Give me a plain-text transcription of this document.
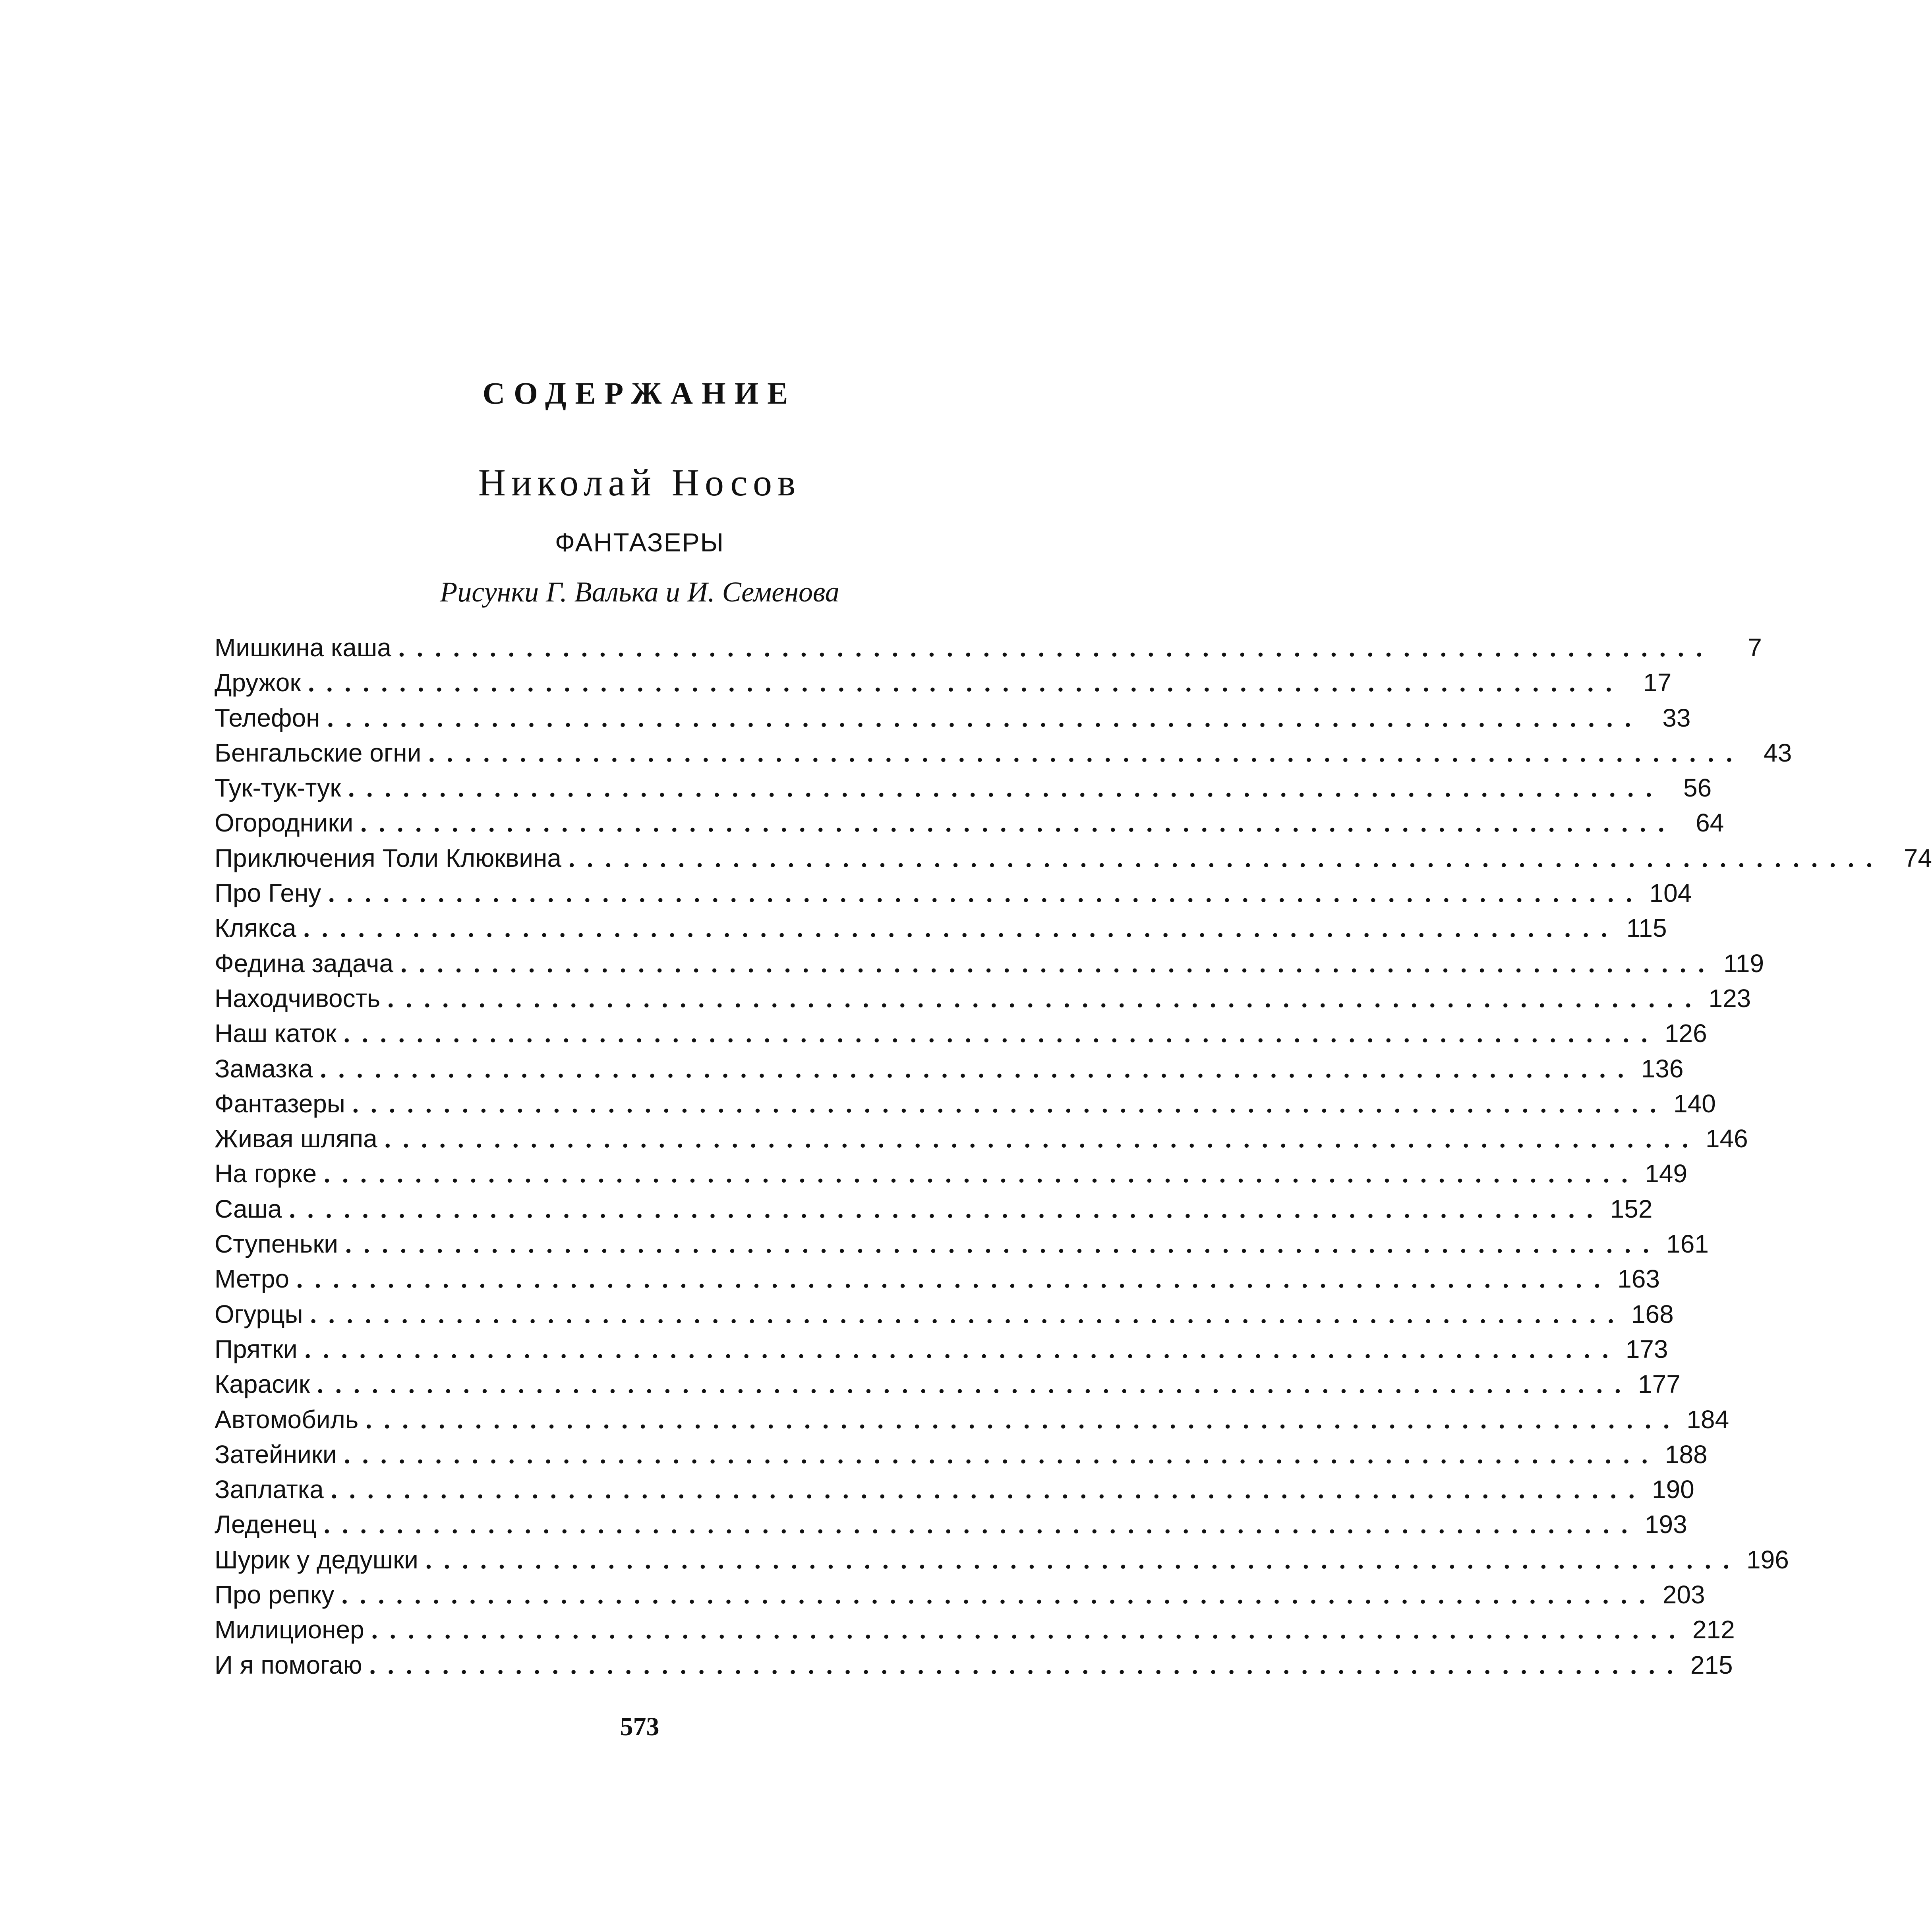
СОДЕРЖАНИЕ
Николай Носов
ФАНТАЗЕРЫ
Рисунки Г. Валька и И. Семенова
Мишкина каша ........................................................................	7
Дружок ........................................................................ 17
Телефон ........................................................................ 33
Бенгальские огни ........................................................................ 43
Тук-тук-тук ........................................................................ 56
Огородники ........................................................................ 64
Приключения Толи Клюквина ........................................................................ 74
Про Гену ........................................................................ 104
Клякса ........................................................................ 115
Федина задача ........................................................................ 119
Находчивость ........................................................................ 123
Наш каток ........................................................................ 126
Замазка ........................................................................ 136
Фантазеры ........................................................................ 140
Живая шляпа ........................................................................ 146
На горке ........................................................................ 149
Саша ........................................................................ 152
Ступеньки ........................................................................ 161
Метро ........................................................................ 163
Огурцы ........................................................................ 168
Прятки ........................................................................ 173
Карасик ........................................................................ 177
Автомобиль ........................................................................ 184
Затейники ........................................................................ 188
Заплатка ........................................................................ 190
Леденец ........................................................................ 193
Шурик у дедушки ........................................................................ 196
Про репку ........................................................................ 203
Милиционер ........................................................................ 212
И я помогаю ........................................................................ 215
573
